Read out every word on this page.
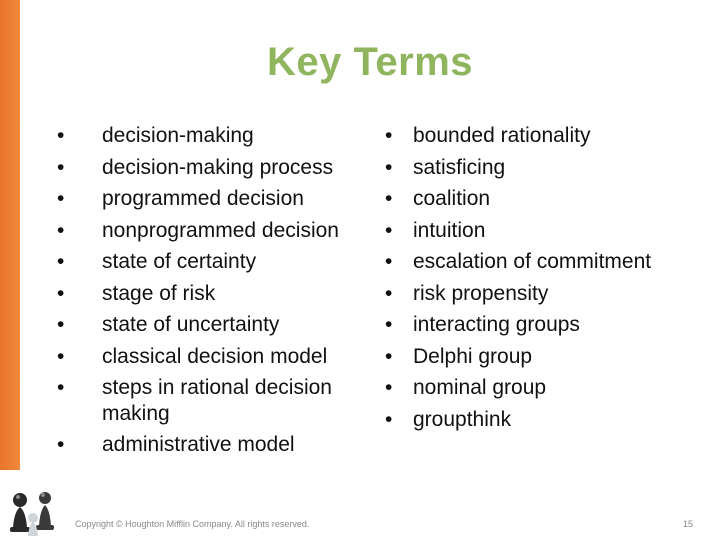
Key Terms
•	decision-making
•	decision-making process
•	programmed decision
•	nonprogrammed decision
•	state of certainty
•	stage of risk
•	state of uncertainty
•	classical decision model
•	steps in rational decision making
•	administrative model
• bounded rationality
• satisficing
• coalition
• intuition
• escalation of commitment
• risk propensity
• interacting groups
• Delphi group
• nominal group
• groupthink
Copyright © Houghton Mifflin Company. All rights reserved.	15
